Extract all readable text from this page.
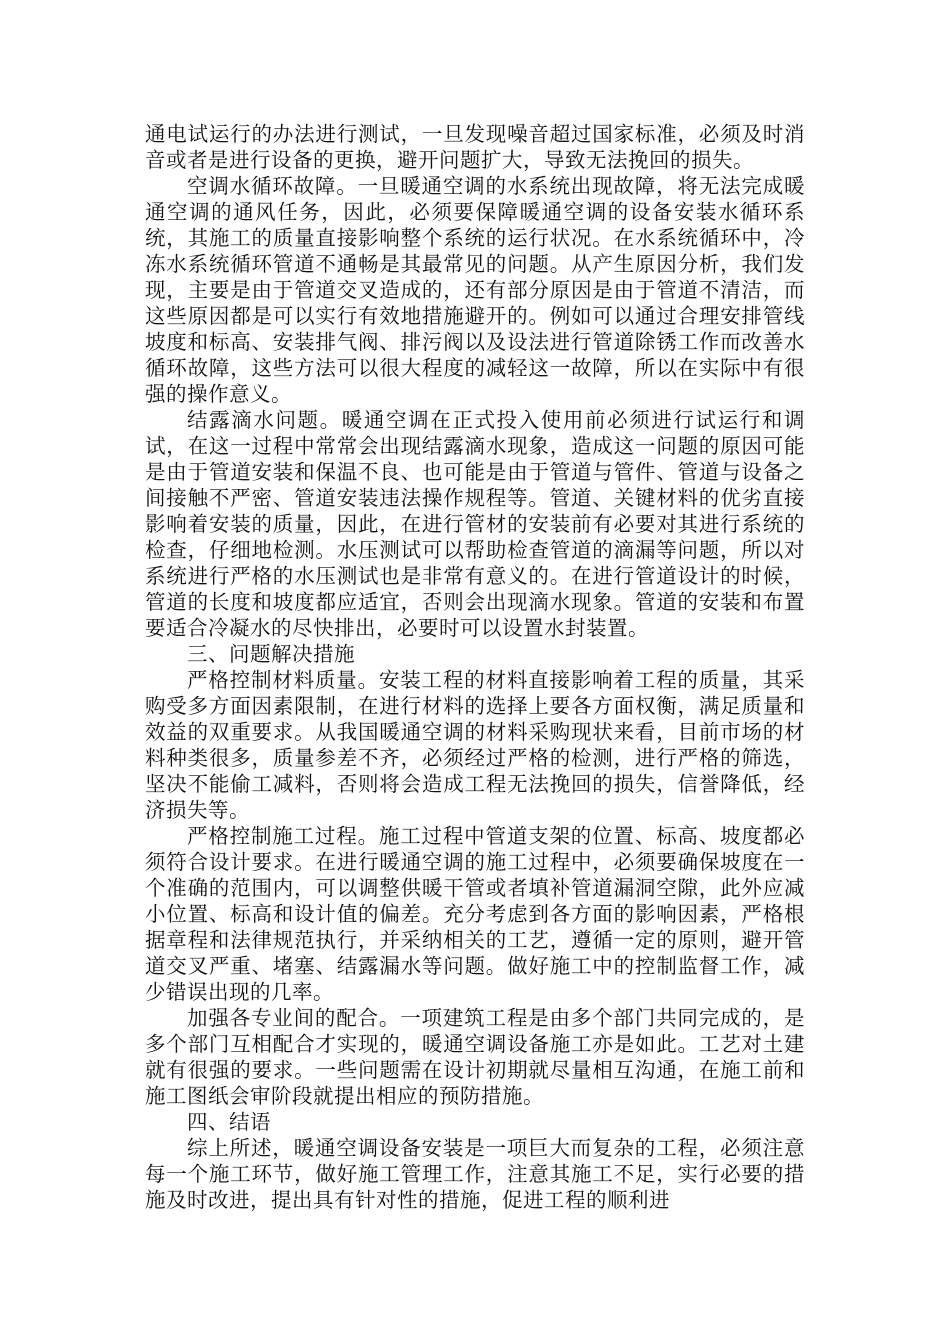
通电试运行的办法进行测试，一旦发现噪音超过国家标准，必须及时消音或者是进行设备的更换，避开问题扩大，导致无法挽回的损失。

空调水循环故障。一旦暖通空调的水系统出现故障，将无法完成暖通空调的通风任务，因此，必须要保障暖通空调的设备安装水循环系统，其施工的质量直接影响整个系统的运行状况。在水系统循环中，冷冻水系统循环管道不通畅是其最常见的问题。从产生原因分析，我们发现，主要是由于管道交叉造成的，还有部分原因是由于管道不清洁，而这些原因都是可以实行有效地措施避开的。例如可以通过合理安排管线坡度和标高、安装排气阀、排污阀以及设法进行管道除锈工作而改善水循环故障，这些方法可以很大程度的减轻这一故障，所以在实际中有很强的操作意义。

结露滴水问题。暖通空调在正式投入使用前必须进行试运行和调试，在这一过程中常常会出现结露滴水现象，造成这一问题的原因可能是由于管道安装和保温不良、也可能是由于管道与管件、管道与设备之间接触不严密、管道安装违法操作规程等。管道、关键材料的优劣直接影响着安装的质量，因此，在进行管材的安装前有必要对其进行系统的检查，仔细地检测。水压测试可以帮助检查管道的滴漏等问题，所以对系统进行严格的水压测试也是非常有意义的。在进行管道设计的时候，管道的长度和坡度都应适宜，否则会出现滴水现象。管道的安装和布置要适合冷凝水的尽快排出，必要时可以设置水封装置。

三、问题解决措施

严格控制材料质量。安装工程的材料直接影响着工程的质量，其采购受多方面因素限制，在进行材料的选择上要各方面权衡，满足质量和效益的双重要求。从我国暖通空调的材料采购现状来看，目前市场的材料种类很多，质量参差不齐，必须经过严格的检测，进行严格的筛选，坚决不能偷工减料，否则将会造成工程无法挽回的损失，信誉降低，经济损失等。

严格控制施工过程。施工过程中管道支架的位置、标高、坡度都必须符合设计要求。在进行暖通空调的施工过程中，必须要确保坡度在一个准确的范围内，可以调整供暖干管或者填补管道漏洞空隙，此外应减小位置、标高和设计值的偏差。充分考虑到各方面的影响因素，严格根据章程和法律规范执行，并采纳相关的工艺，遵循一定的原则，避开管道交叉严重、堵塞、结露漏水等问题。做好施工中的控制监督工作，减少错误出现的几率。

加强各专业间的配合。一项建筑工程是由多个部门共同完成的，是多个部门互相配合才实现的，暖通空调设备施工亦是如此。工艺对土建就有很强的要求。一些问题需在设计初期就尽量相互沟通，在施工前和施工图纸会审阶段就提出相应的预防措施。

四、结语

综上所述，暖通空调设备安装是一项巨大而复杂的工程，必须注意每一个施工环节，做好施工管理工作，注意其施工不足，实行必要的措施及时改进，提出具有针对性的措施，促进工程的顺利进
